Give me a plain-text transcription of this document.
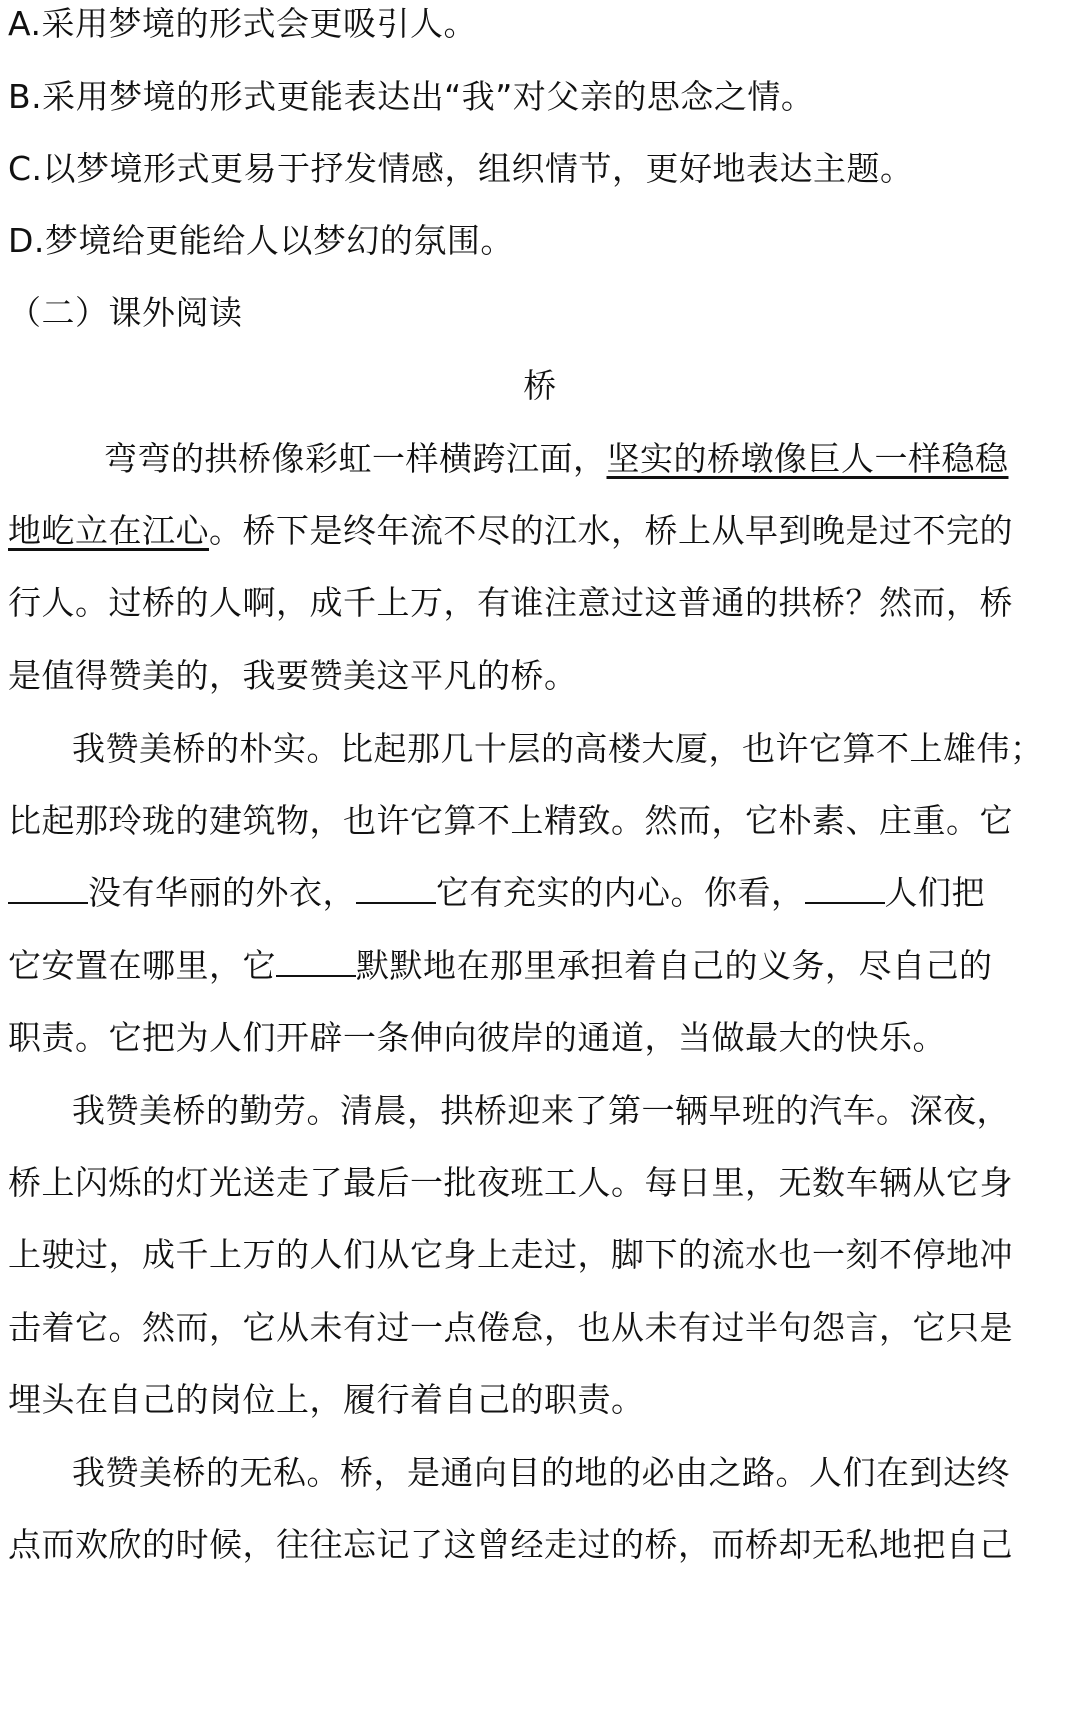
A.采用梦境的形式会更吸引人。
B.采用梦境的形式更能表达出“我”对父亲的思念之情。
C.以梦境形式更易于抒发情感，组织情节，更好地表达主题。
D.梦境给更能给人以梦幻的氛围。
（二）课外阅读
桥
弯弯的拱桥像彩虹一样横跨江面，坚实的桥墩像巨人一样稳稳
地屹立在江心。桥下是终年流不尽的江水，桥上从早到晚是过不完的
行人。过桥的人啊，成千上万，有谁注意过这普通的拱桥？然而，桥
是值得赞美的，我要赞美这平凡的桥。
我赞美桥的朴实。比起那几十层的高楼大厦，也许它算不上雄伟；
比起那玲珑的建筑物，也许它算不上精致。然而，它朴素、庄重。它
没有华丽的外衣， 它有充实的内心。你看， 人们把
它安置在哪里，它 默默地在那里承担着自己的义务，尽自己的
职责。它把为人们开辟一条伸向彼岸的通道，当做最大的快乐。
我赞美桥的勤劳。清晨，拱桥迎来了第一辆早班的汽车。深夜，
桥上闪烁的灯光送走了最后一批夜班工人。每日里，无数车辆从它身
上驶过，成千上万的人们从它身上走过，脚下的流水也一刻不停地冲
击着它。然而，它从未有过一点倦怠，也从未有过半句怨言，它只是
埋头在自己的岗位上，履行着自己的职责。
我赞美桥的无私。桥，是通向目的地的必由之路。人们在到达终
点而欢欣的时候，往往忘记了这曾经走过的桥，而桥却无私地把自己
